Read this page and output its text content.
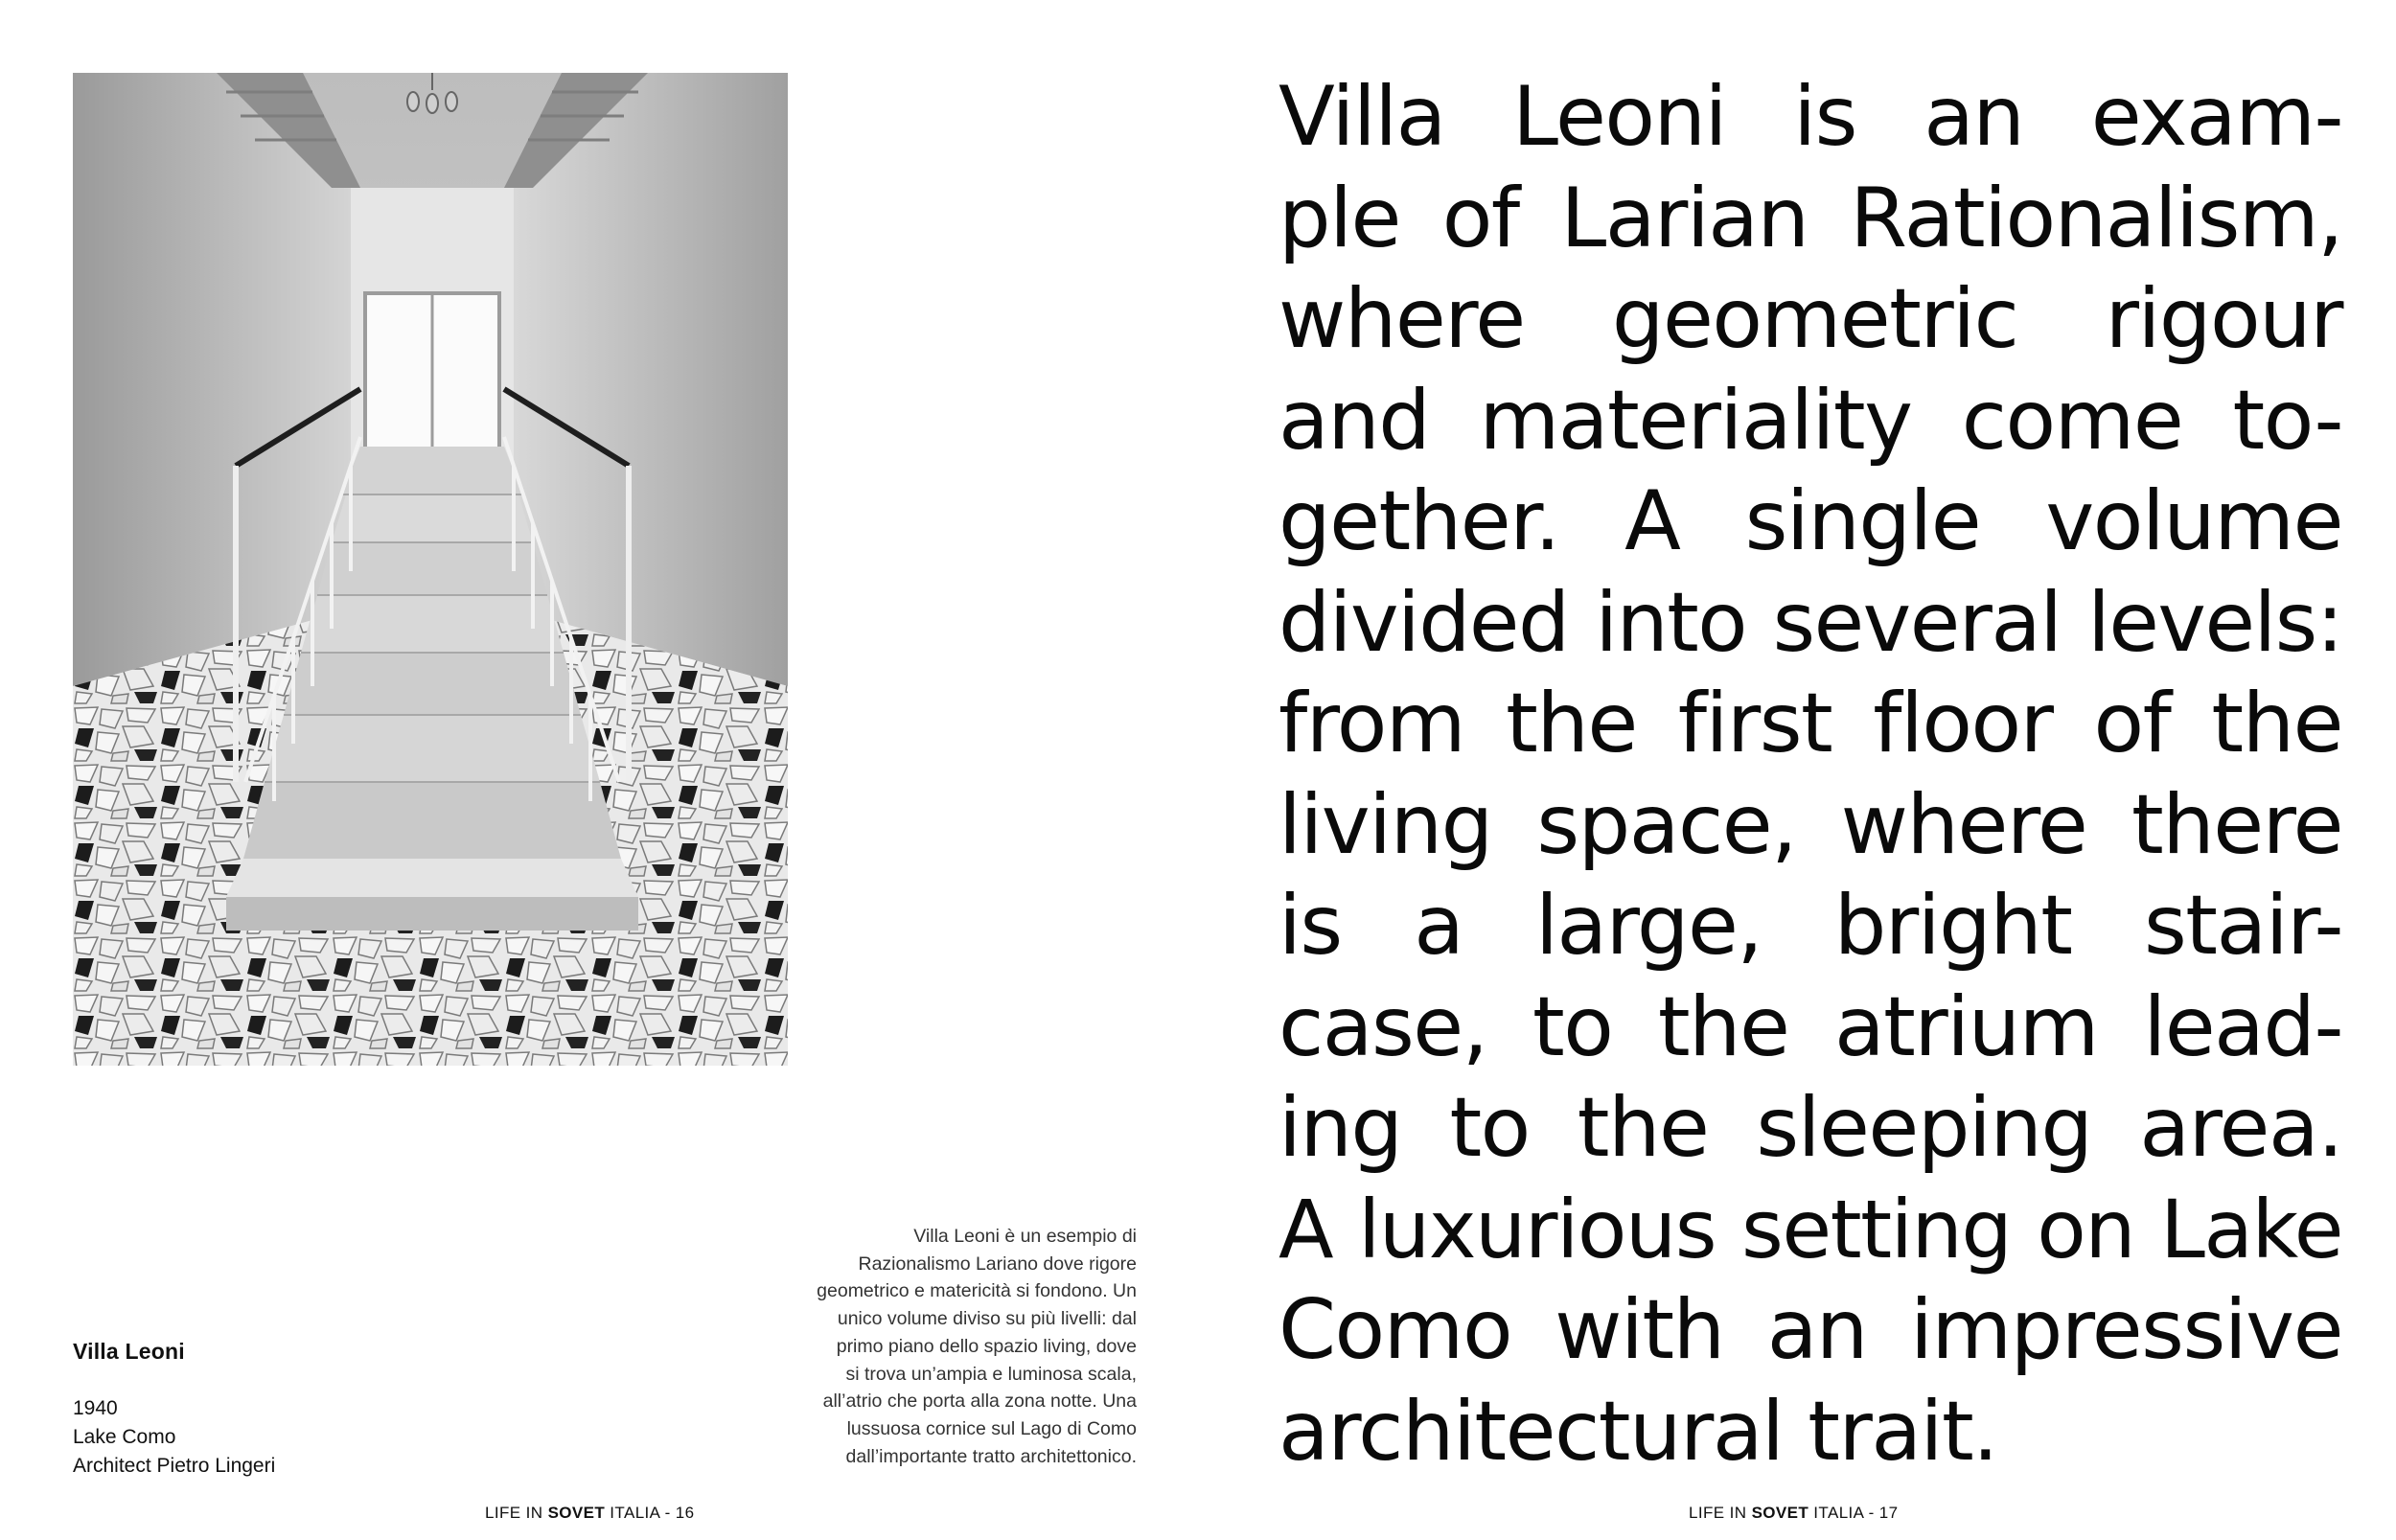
Villa Leoni
1940
Lake Como
Architect Pietro Lingeri
Villa Leoni è un esempio di
Razionalismo Lariano dove rigore
geometrico e matericità si fondono. Un
unico volume diviso su più livelli: dal
primo piano dello spazio living, dove
si trova un’ampia e luminosa scala,
all’atrio che porta alla zona notte. Una
lussuosa cornice sul Lago di Como
dall’importante tratto architettonico.
LIFE IN SOVET ITALIA - 16
Villa Leoni is an exam-
ple of Larian Rationalism,
where geometric rigour
and materiality come to-
gether. A single volume
divided into several levels:
from the first floor of the
living space, where there
is a large, bright stair-
case, to the atrium lead-
ing to the sleeping area.
A luxurious setting on Lake
Como with an impressive
architectural trait.
LIFE IN SOVET ITALIA - 17
